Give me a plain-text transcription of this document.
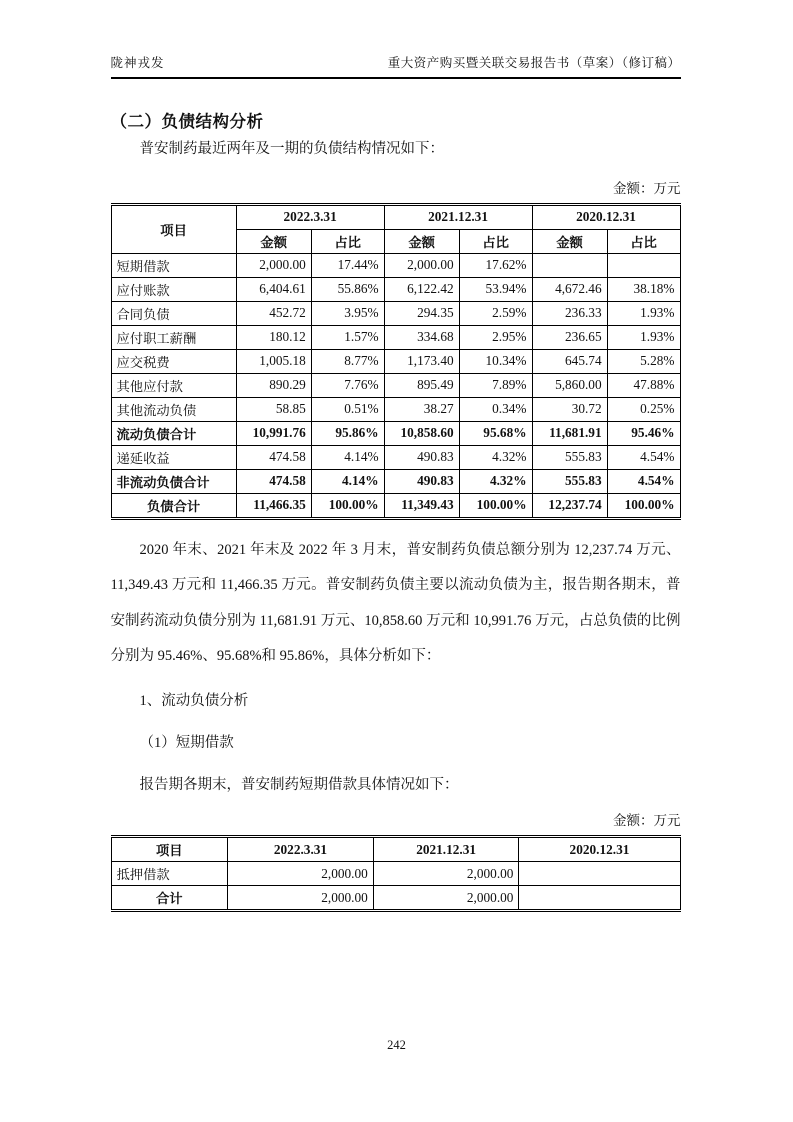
陇神戎发	重大资产购买暨关联交易报告书（草案）（修订稿）
（二）负债结构分析

普安制药最近两年及一期的负债结构情况如下：

金额：万元
项目	2022.3.31		2021.12.31		2020.12.31	
	金额	占比	金额	占比	金额	占比
短期借款	2,000.00	17.44%	2,000.00	17.62%		
应付账款	6,404.61	55.86%	6,122.42	53.94%	4,672.46	38.18%
合同负债	452.72	3.95%	294.35	2.59%	236.33	1.93%
应付职工薪酬	180.12	1.57%	334.68	2.95%	236.65	1.93%
应交税费	1,005.18	8.77%	1,173.40	10.34%	645.74	5.28%
其他应付款	890.29	7.76%	895.49	7.89%	5,860.00	47.88%
其他流动负债	58.85	0.51%	38.27	0.34%	30.72	0.25%
流动负债合计	10,991.76	95.86%	10,858.60	95.68%	11,681.91	95.46%
递延收益	474.58	4.14%	490.83	4.32%	555.83	4.54%
非流动负债合计	474.58	4.14%	490.83	4.32%	555.83	4.54%
负债合计	11,466.35	100.00%	11,349.43	100.00%	12,237.74	100.00%

2020 年末、2021 年末及 2022 年 3 月末，普安制药负债总额分别为 12,237.74 万元、11,349.43 万元和 11,466.35 万元。普安制药负债主要以流动负债为主，报告期各期末，普安制药流动负债分别为 11,681.91 万元、10,858.60 万元和 10,991.76 万元，占总负债的比例分别为 95.46%、95.68%和 95.86%，具体分析如下：

1、流动负债分析

（1）短期借款

报告期各期末，普安制药短期借款具体情况如下：

金额：万元
项目	2022.3.31	2021.12.31	2020.12.31
抵押借款	2,000.00	2,000.00	
合计	2,000.00	2,000.00	
242
